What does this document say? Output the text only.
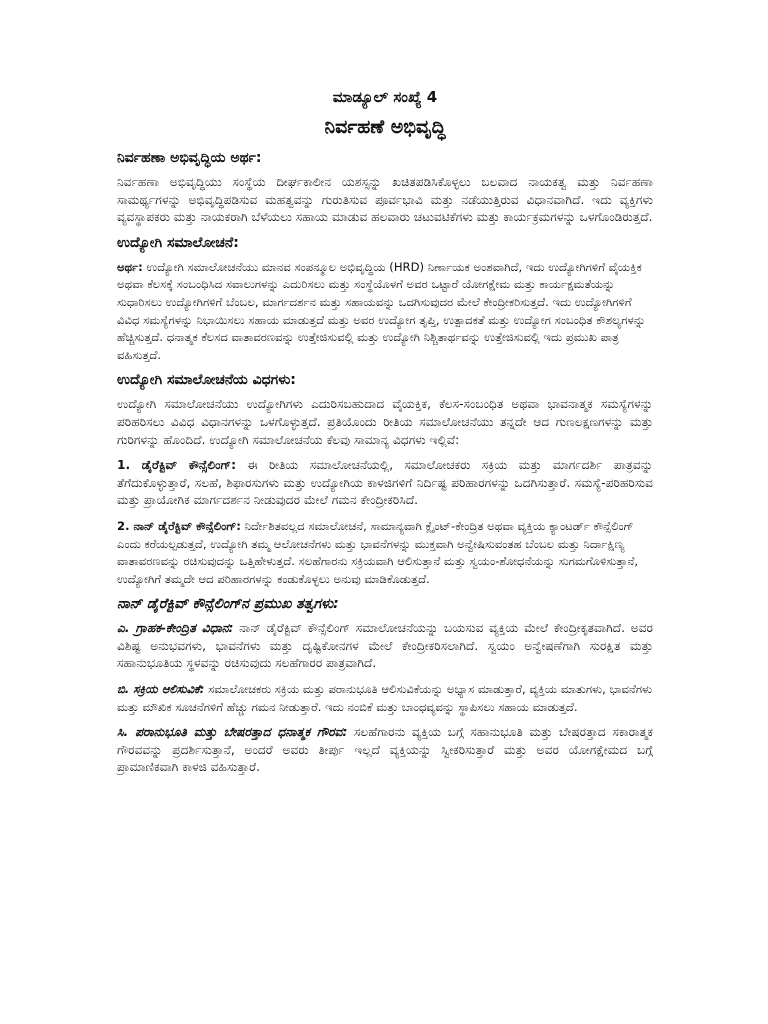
ಮಾಡ್ಯೂಲ್ ಸಂಖ್ಯೆ 4
ನಿರ್ವಹಣೆ ಅಭಿವೃದ್ಧಿ
ನಿರ್ವಹಣಾ ಅಭಿವೃದ್ಧಿಯ ಅರ್ಥ:

ನಿರ್ವಹಣಾ ಅಭಿವೃದ್ಧಿಯು ಸಂಸ್ಥೆಯ ದೀರ್ಘಕಾಲೀನ ಯಶಸ್ಸನ್ನು ಖಚಿತಪಡಿಸಿಕೊಳ್ಳಲು ಬಲವಾದ ನಾಯಕತ್ವ ಮತ್ತು ನಿರ್ವಹಣಾ ಸಾಮರ್ಥ್ಯಗಳನ್ನು ಅಭಿವೃದ್ಧಿಪಡಿಸುವ ಮಹತ್ವವನ್ನು ಗುರುತಿಸುವ ಪೂರ್ವಭಾವಿ ಮತ್ತು ನಡೆಯುತ್ತಿರುವ ವಿಧಾನವಾಗಿದೆ. ಇದು ವ್ಯಕ್ತಿಗಳು ವ್ಯವಸ್ಥಾಪಕರು ಮತ್ತು ನಾಯಕರಾಗಿ ಬೆಳೆಯಲು ಸಹಾಯ ಮಾಡುವ ಹಲವಾರು ಚಟುವಟಿಕೆಗಳು ಮತ್ತು ಕಾರ್ಯಕ್ರಮಗಳನ್ನು ಒಳಗೊಂಡಿರುತ್ತದೆ.

ಉದ್ಯೋಗಿ ಸಮಾಲೋಚನೆ:

ಅರ್ಥ: ಉದ್ಯೋಗಿ ಸಮಾಲೋಚನೆಯು ಮಾನವ ಸಂಪನ್ಮೂಲ ಅಭಿವೃದ್ಧಿಯ (HRD) ನಿರ್ಣಾಯಕ ಅಂಶವಾಗಿದೆ, ಇದು ಉದ್ಯೋಗಿಗಳಿಗೆ ವೈಯಕ್ತಿಕ ಅಥವಾ ಕೆಲಸಕ್ಕೆ ಸಂಬಂಧಿಸಿದ ಸವಾಲುಗಳನ್ನು ಎದುರಿಸಲು ಮತ್ತು ಸಂಸ್ಥೆಯೊಳಗೆ ಅವರ ಒಟ್ಟಾರೆ ಯೋಗಕ್ಷೇಮ ಮತ್ತು ಕಾರ್ಯಕ್ಷಮತೆಯನ್ನು ಸುಧಾರಿಸಲು ಉದ್ಯೋಗಿಗಳಿಗೆ ಬೆಂಬಲ, ಮಾರ್ಗದರ್ಶನ ಮತ್ತು ಸಹಾಯವನ್ನು ಒದಗಿಸುವುದರ ಮೇಲೆ ಕೇಂದ್ರೀಕರಿಸುತ್ತದೆ. ಇದು ಉದ್ಯೋಗಿಗಳಿಗೆ ವಿವಿಧ ಸಮಸ್ಯೆಗಳನ್ನು ನಿಭಾಯಿಸಲು ಸಹಾಯ ಮಾಡುತ್ತದೆ ಮತ್ತು ಅವರ ಉದ್ಯೋಗ ತೃಪ್ತಿ, ಉತ್ಪಾದಕತೆ ಮತ್ತು ಉದ್ಯೋಗ ಸಂಬಂಧಿತ ಕೌಶಲ್ಯಗಳನ್ನು ಹೆಚ್ಚಿಸುತ್ತದೆ. ಧನಾತ್ಮಕ ಕೆಲಸದ ವಾತಾವರಣವನ್ನು ಉತ್ತೇಜಿಸುವಲ್ಲಿ ಮತ್ತು ಉದ್ಯೋಗಿ ನಿಶ್ಚಿತಾರ್ಥವನ್ನು ಉತ್ತೇಜಿಸುವಲ್ಲಿ ಇದು ಪ್ರಮುಖ ಪಾತ್ರ ವಹಿಸುತ್ತದೆ.

ಉದ್ಯೋಗಿ ಸಮಾಲೋಚನೆಯ ವಿಧಗಳು:

ಉದ್ಯೋಗಿ ಸಮಾಲೋಚನೆಯು ಉದ್ಯೋಗಿಗಳು ಎದುರಿಸಬಹುದಾದ ವೈಯಕ್ತಿಕ, ಕೆಲಸ-ಸಂಬಂಧಿತ ಅಥವಾ ಭಾವನಾತ್ಮಕ ಸಮಸ್ಯೆಗಳನ್ನು ಪರಿಹರಿಸಲು ವಿವಿಧ ವಿಧಾನಗಳನ್ನು ಒಳಗೊಳ್ಳುತ್ತದೆ. ಪ್ರತಿಯೊಂದು ರೀತಿಯ ಸಮಾಲೋಚನೆಯು ತನ್ನದೇ ಆದ ಗುಣಲಕ್ಷಣಗಳನ್ನು ಮತ್ತು ಗುರಿಗಳನ್ನು ಹೊಂದಿದೆ. ಉದ್ಯೋಗಿ ಸಮಾಲೋಚನೆಯ ಕೆಲವು ಸಾಮಾನ್ಯ ವಿಧಗಳು ಇಲ್ಲಿವೆ:

1. ಡೈರೆಕ್ಟಿವ್ ಕೌನ್ಸೆಲಿಂಗ್: ಈ ರೀತಿಯ ಸಮಾಲೋಚನೆಯಲ್ಲಿ, ಸಮಾಲೋಚಕರು ಸಕ್ರಿಯ ಮತ್ತು ಮಾರ್ಗದರ್ಶಿ ಪಾತ್ರವನ್ನು ತೆಗೆದುಕೊಳ್ಳುತ್ತಾರೆ, ಸಲಹೆ, ಶಿಫಾರಸುಗಳು ಮತ್ತು ಉದ್ಯೋಗಿಯ ಕಾಳಜಿಗಳಿಗೆ ನಿರ್ದಿಷ್ಟ ಪರಿಹಾರಗಳನ್ನು ಒದಗಿಸುತ್ತಾರೆ. ಸಮಸ್ಯೆ-ಪರಿಹರಿಸುವ ಮತ್ತು ಪ್ರಾಯೋಗಿಕ ಮಾರ್ಗದರ್ಶನ ನೀಡುವುದರ ಮೇಲೆ ಗಮನ ಕೇಂದ್ರೀಕರಿಸಿದೆ.

2. ನಾನ್ ಡೈರೆಕ್ಟಿವ್ ಕೌನ್ಸೆಲಿಂಗ್: ನಿರ್ದೇಶಿತವಲ್ಲದ ಸಮಾಲೋಚನೆ, ಸಾಮಾನ್ಯವಾಗಿ ಕ್ಲೈಂಟ್-ಕೇಂದ್ರಿತ ಅಥವಾ ವ್ಯಕ್ತಿಯ ಕ್ಯಾಂಟರ್ಡ್ ಕೌನ್ಸೆಲಿಂಗ್ ಎಂದು ಕರೆಯಲ್ಪಡುತ್ತದೆ, ಉದ್ಯೋಗಿ ತಮ್ಮ ಆಲೋಚನೆಗಳು ಮತ್ತು ಭಾವನೆಗಳನ್ನು ಮುಕ್ತವಾಗಿ ಅನ್ವೇಷಿಸುವಂತಹ ಬೆಂಬಲ ಮತ್ತು ನಿರ್ದಾಕ್ಷಿಣ್ಯ ವಾತಾವರಣವನ್ನು ರಚಿಸುವುದನ್ನು ಒತ್ತಿಹೇಳುತ್ತದೆ. ಸಲಹೆಗಾರನು ಸಕ್ರಿಯವಾಗಿ ಆಲಿಸುತ್ತಾನೆ ಮತ್ತು ಸ್ವಯಂ-ಶೋಧನೆಯನ್ನು ಸುಗಮಗೊಳಿಸುತ್ತಾನೆ, ಉದ್ಯೋಗಿಗೆ ತಮ್ಮದೇ ಆದ ಪರಿಹಾರಗಳನ್ನು ಕಂಡುಕೊಳ್ಳಲು ಅನುವು ಮಾಡಿಕೊಡುತ್ತದೆ.

ನಾನ್ ಡೈರೆಕ್ಟಿವ್ ಕೌನ್ಸೆಲಿಂಗ್‌ನ ಪ್ರಮುಖ ತತ್ವಗಳು:

ಎ. ಗ್ರಾಹಕ-ಕೇಂದ್ರಿತ ವಿಧಾನ: ನಾನ್ ಡೈರೆಕ್ಟಿವ್ ಕೌನ್ಸೆಲಿಂಗ್ ಸಮಾಲೋಚನೆಯನ್ನು ಬಯಸುವ ವ್ಯಕ್ತಿಯ ಮೇಲೆ ಕೇಂದ್ರೀಕೃತವಾಗಿದೆ. ಅವರ ವಿಶಿಷ್ಟ ಅನುಭವಗಳು, ಭಾವನೆಗಳು ಮತ್ತು ದೃಷ್ಟಿಕೋನಗಳ ಮೇಲೆ ಕೇಂದ್ರೀಕರಿಸಲಾಗಿದೆ. ಸ್ವಯಂ ಅನ್ವೇಷಣೆಗಾಗಿ ಸುರಕ್ಷಿತ ಮತ್ತು ಸಹಾನುಭೂತಿಯ ಸ್ಥಳವನ್ನು ರಚಿಸುವುದು ಸಲಹೆಗಾರರ ಪಾತ್ರವಾಗಿದೆ.

ಬಿ. ಸಕ್ರಿಯ ಆಲಿಸುವಿಕೆ: ಸಮಾಲೋಚಕರು ಸಕ್ರಿಯ ಮತ್ತು ಪರಾನುಭೂತಿ ಆಲಿಸುವಿಕೆಯನ್ನು ಅಭ್ಯಾಸ ಮಾಡುತ್ತಾರೆ, ವ್ಯಕ್ತಿಯ ಮಾತುಗಳು, ಭಾವನೆಗಳು ಮತ್ತು ಮೌಖಿಕ ಸೂಚನೆಗಳಿಗೆ ಹೆಚ್ಚು ಗಮನ ನೀಡುತ್ತಾರೆ. ಇದು ನಂಬಿಕೆ ಮತ್ತು ಬಾಂಧವ್ಯವನ್ನು ಸ್ಥಾಪಿಸಲು ಸಹಾಯ ಮಾಡುತ್ತದೆ.

ಸಿ. ಪರಾನುಭೂತಿ ಮತ್ತು ಬೇಷರತ್ತಾದ ಧನಾತ್ಮಕ ಗೌರವ: ಸಲಹೆಗಾರನು ವ್ಯಕ್ತಿಯ ಬಗ್ಗೆ ಸಹಾನುಭೂತಿ ಮತ್ತು ಬೇಷರತ್ತಾದ ಸಕಾರಾತ್ಮಕ ಗೌರವವನ್ನು ಪ್ರದರ್ಶಿಸುತ್ತಾನೆ, ಅಂದರೆ ಅವರು ತೀರ್ಪು ಇಲ್ಲದೆ ವ್ಯಕ್ತಿಯನ್ನು ಸ್ವೀಕರಿಸುತ್ತಾರೆ ಮತ್ತು ಅವರ ಯೋಗಕ್ಷೇಮದ ಬಗ್ಗೆ ಪ್ರಾಮಾಣಿಕವಾಗಿ ಕಾಳಜಿ ವಹಿಸುತ್ತಾರೆ.
